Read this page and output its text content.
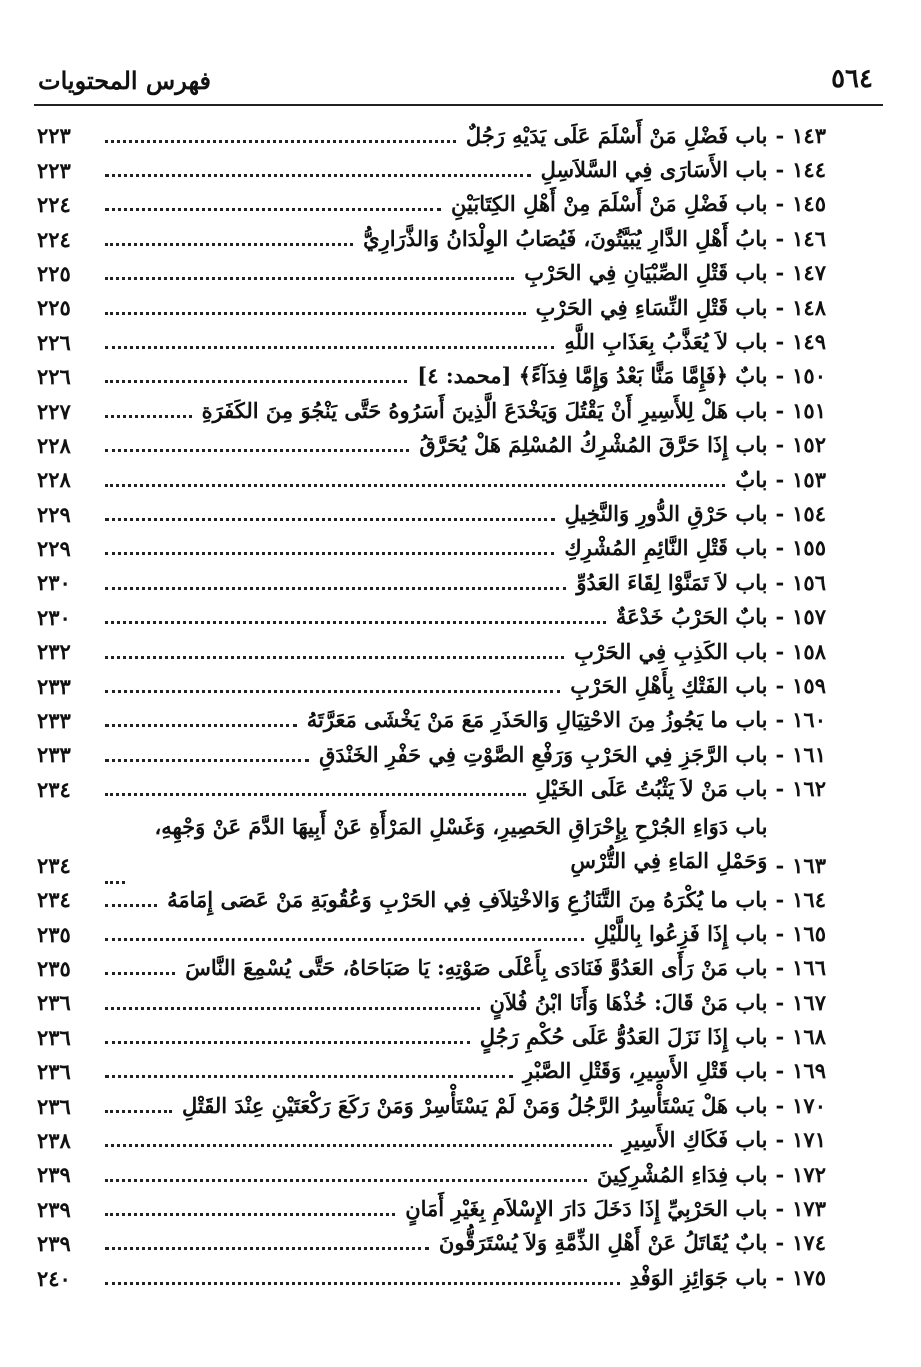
٥٦٤
فهرس المحتويات
١٤٣
-
باب فَضْلِ مَنْ أَسْلَمَ عَلَى يَدَيْهِ رَجُلٌ
٢٢٣
١٤٤
-
باب الأَسَارَى فِي السَّلاَسِلِ
٢٢٣
١٤٥
-
باب فَضْلِ مَنْ أَسْلَمَ مِنْ أَهْلِ الكِتَابَيْنِ
٢٢٤
١٤٦
-
بابُ أَهْلِ الدَّارِ يُبَيَّتُونَ، فَيُصَابُ الوِلْدَانُ وَالذَّرَارِيُّ
٢٢٤
١٤٧
-
باب قَتْلِ الصِّبْيَانِ فِي الحَرْبِ
٢٢٥
١٤٨
-
باب قَتْلِ النِّسَاءِ فِي الحَرْبِ
٢٢٥
١٤٩
-
باب لاَ يُعَذَّبُ بِعَذَابِ اللَّهِ
٢٢٦
١٥٠
-
بابٌ ﴿فَإِمَّا مَنًّا بَعْدُ وَإِمَّا فِدَآءً﴾ [محمد: ٤]
٢٢٦
١٥١
-
باب هَلْ لِلأَسِيرِ أَنْ يَقْتُلَ وَيَخْدَعَ الَّذِينَ أَسَرُوهُ حَتَّى يَنْجُوَ مِنَ الكَفَرَةِ
٢٢٧
١٥٢
-
باب إِذَا حَرَّقَ المُشْرِكُ المُسْلِمَ هَلْ يُحَرَّقُ
٢٢٨
١٥٣
-
بابٌ
٢٢٨
١٥٤
-
باب حَرْقِ الدُّورِ وَالنَّخِيلِ
٢٢٩
١٥٥
-
باب قَتْلِ النَّائِمِ المُشْرِكِ
٢٢٩
١٥٦
-
باب لاَ تَمَنَّوْا لِقَاءَ العَدُوِّ
٢٣٠
١٥٧
-
بابٌ الحَرْبُ خَدْعَةٌ
٢٣٠
١٥٨
-
باب الكَذِبِ فِي الحَرْبِ
٢٣٢
١٥٩
-
باب الفَتْكِ بِأَهْلِ الحَرْبِ
٢٣٣
١٦٠
-
باب ما يَجُوزُ مِنَ الاحْتِيَالِ وَالحَذَرِ مَعَ مَنْ يَخْشَى مَعَرَّتَهُ
٢٣٣
١٦١
-
باب الرَّجَزِ فِي الحَرْبِ وَرَفْعِ الصَّوْتِ فِي حَفْرِ الخَنْدَقِ
٢٣٣
١٦٢
-
باب مَنْ لاَ يَثْبُتُ عَلَى الخَيْلِ
٢٣٤
١٦٣
-
باب دَوَاءِ الجُرْحِ بِإِحْرَاقِ الحَصِيرِ، وَغَسْلِ المَرْأَةِ عَنْ أَبِيهَا الدَّمَ عَنْ وَجْهِهِ، وَحَمْلِ المَاءِ فِي التُّرْسِ
٢٣٤
١٦٤
-
باب ما يُكْرَهُ مِنَ التَّنَازُعِ وَالاخْتِلاَفِ فِي الحَرْبِ وَعُقُوبَةِ مَنْ عَصَى إِمَامَهُ
٢٣٤
١٦٥
-
باب إِذَا فَزِعُوا بِاللَّيْلِ
٢٣٥
١٦٦
-
باب مَنْ رَأَى العَدُوَّ فَنَادَى بِأَعْلَى صَوْتِهِ: يَا صَبَاحَاهُ، حَتَّى يُسْمِعَ النَّاسَ
٢٣٥
١٦٧
-
باب مَنْ قَالَ: خُذْهَا وَأَنَا ابْنُ فُلاَنٍ
٢٣٦
١٦٨
-
باب إِذَا نَزَلَ العَدُوُّ عَلَى حُكْمِ رَجُلٍ
٢٣٦
١٦٩
-
باب قَتْلِ الأَسِيرِ، وَقَتْلِ الصَّبْرِ
٢٣٦
١٧٠
-
باب هَلْ يَسْتَأْسِرُ الرَّجُلُ وَمَنْ لَمْ يَسْتَأْسِرْ وَمَنْ رَكَعَ رَكْعَتَيْنِ عِنْدَ القَتْلِ
٢٣٦
١٧١
-
باب فَكَاكِ الأَسِيرِ
٢٣٨
١٧٢
-
باب فِدَاءِ المُشْرِكِينَ
٢٣٩
١٧٣
-
باب الحَرْبِيِّ إِذَا دَخَلَ دَارَ الإِسْلاَمِ بِغَيْرِ أَمَانٍ
٢٣٩
١٧٤
-
بابٌ يُقَاتَلُ عَنْ أَهْلِ الذِّمَّةِ وَلاَ يُسْتَرَقُّونَ
٢٣٩
١٧٥
-
باب جَوَائِزِ الوَفْدِ
٢٤٠
